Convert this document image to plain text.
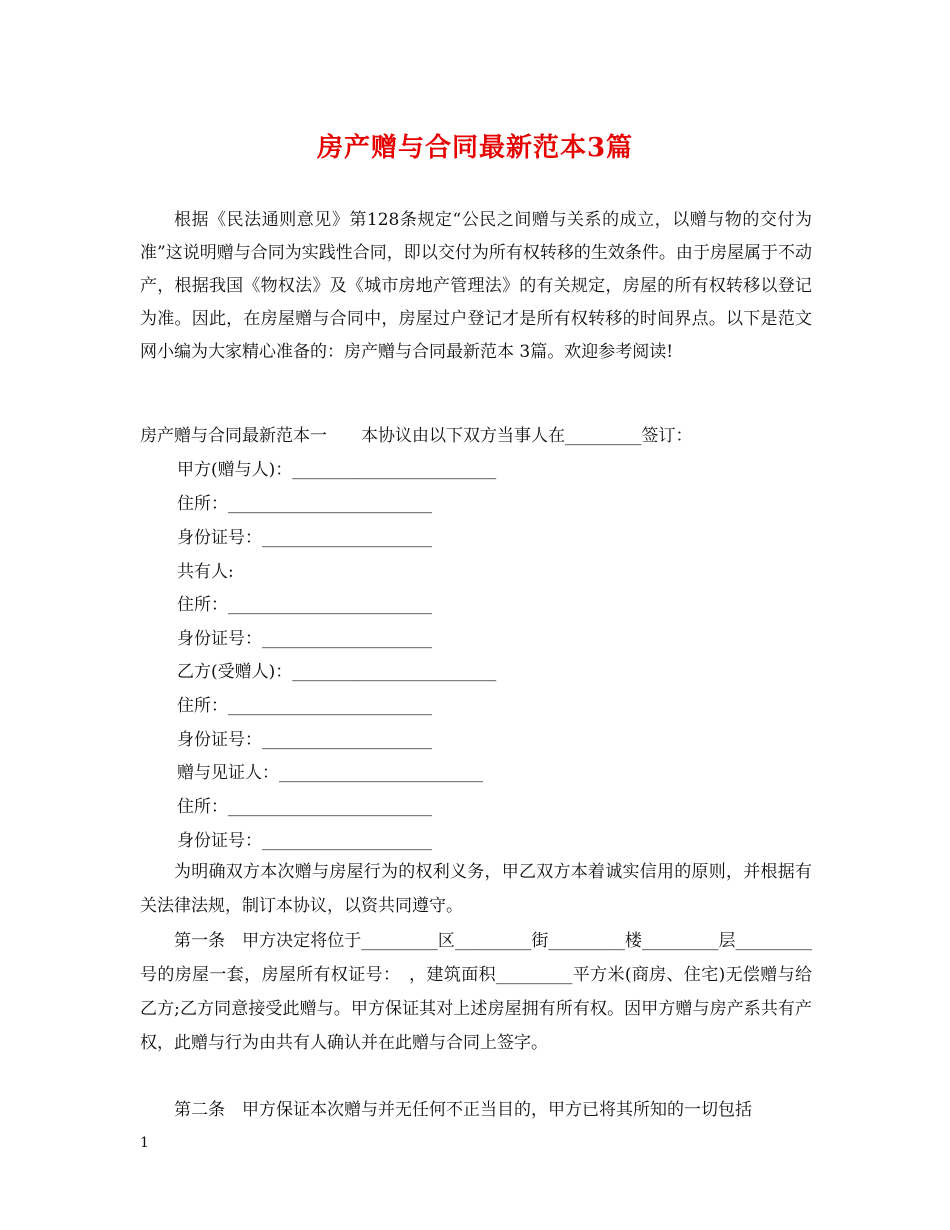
房产赠与合同最新范本3篇

根据《民法通则意见》第128条规定“公民之间赠与关系的成立，以赠与物的交付为准”这说明赠与合同为实践性合同，即以交付为所有权转移的生效条件。由于房屋属于不动产，根据我国《物权法》及《城市房地产管理法》的有关规定，房屋的所有权转移以登记为准。因此，在房屋赠与合同中，房屋过户登记才是所有权转移的时间界点。以下是范文网小编为大家精心准备的：房产赠与合同最新范本 3篇。欢迎参考阅读!

房产赠与合同最新范本一　　本协议由以下双方当事人在_________签订：

甲方(赠与人)：________________________

住所：________________________

身份证号：____________________

共有人:

住所：________________________

身份证号：____________________

乙方(受赠人)：________________________

住所：________________________

身份证号：____________________

赠与见证人：________________________

住所：________________________

身份证号：____________________

为明确双方本次赠与房屋行为的权利义务，甲乙双方本着诚实信用的原则，并根据有关法律法规，制订本协议，以资共同遵守。

第一条　甲方决定将位于_________区_________街_________楼_________层_________号的房屋一套，房屋所有权证号：　，建筑面积_________平方米(商房、住宅)无偿赠与给乙方;乙方同意接受此赠与。甲方保证其对上述房屋拥有所有权。因甲方赠与房产系共有产权，此赠与行为由共有人确认并在此赠与合同上签字。

第二条　甲方保证本次赠与并无任何不正当目的，甲方已将其所知的一切包括

1
